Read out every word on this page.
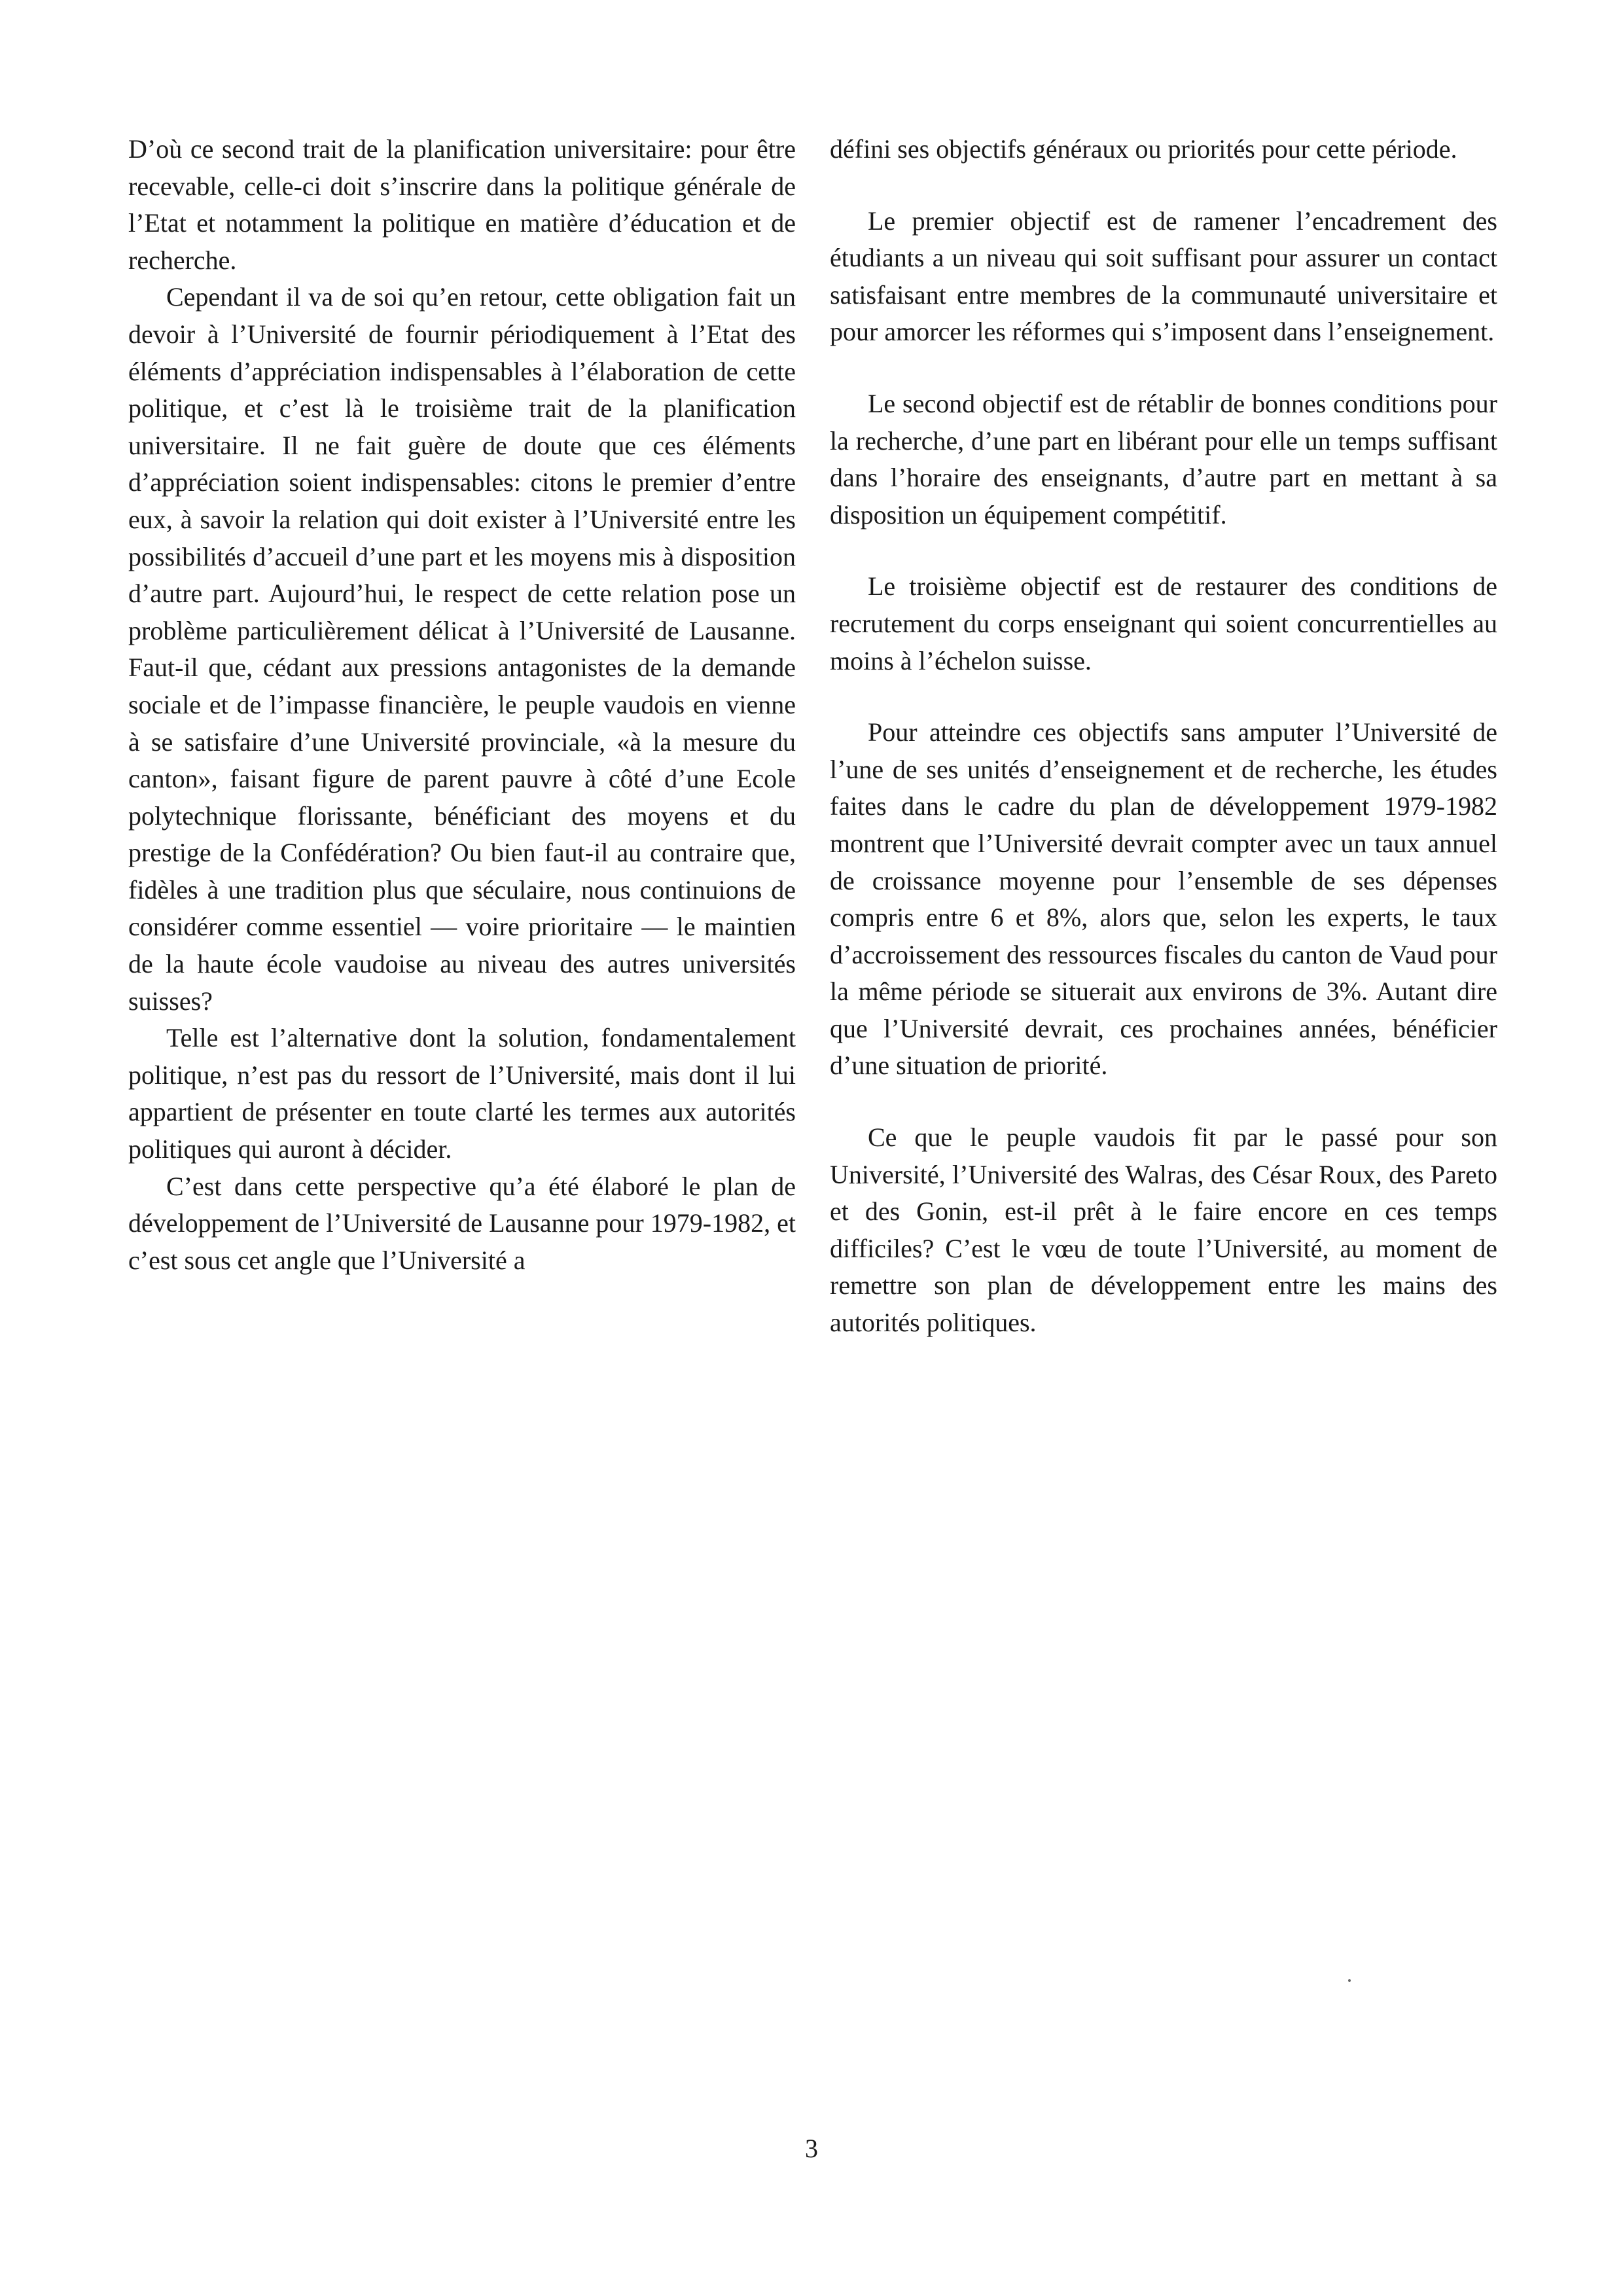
D’où ce second trait de la planification universitaire: pour être recevable, celle-ci doit s’inscrire dans la politique générale de l’Etat et notamment la politique en matière d’éducation et de recherche.

Cependant il va de soi qu’en retour, cette obligation fait un devoir à l’Université de fournir périodiquement à l’Etat des éléments d’appréciation indispensables à l’élaboration de cette politique, et c’est là le troisième trait de la planification universitaire. Il ne fait guère de doute que ces éléments d’appréciation soient indispensables: citons le premier d’entre eux, à savoir la relation qui doit exister à l’Université entre les possibilités d’accueil d’une part et les moyens mis à disposition d’autre part. Aujourd’hui, le respect de cette relation pose un problème particulièrement délicat à l’Université de Lausanne. Faut-il que, cédant aux pressions antagonistes de la demande sociale et de l’impasse financière, le peuple vaudois en vienne à se satisfaire d’une Université provinciale, «à la mesure du canton», faisant figure de parent pauvre à côté d’une Ecole polytechnique florissante, bénéficiant des moyens et du prestige de la Confédération? Ou bien faut-il au contraire que, fidèles à une tradition plus que séculaire, nous continuions de considérer comme essentiel — voire prioritaire — le maintien de la haute école vaudoise au niveau des autres universités suisses?

Telle est l’alternative dont la solution, fondamentalement politique, n’est pas du ressort de l’Université, mais dont il lui appartient de présenter en toute clarté les termes aux autorités politiques qui auront à décider.

C’est dans cette perspective qu’a été élaboré le plan de développement de l’Université de Lausanne pour 1979-1982, et c’est sous cet angle que l’Université a

défini ses objectifs généraux ou priorités pour cette période.

Le premier objectif est de ramener l’encadrement des étudiants a un niveau qui soit suffisant pour assurer un contact satisfaisant entre membres de la communauté universitaire et pour amorcer les réformes qui s’imposent dans l’enseignement.

Le second objectif est de rétablir de bonnes conditions pour la recherche, d’une part en libérant pour elle un temps suffisant dans l’horaire des enseignants, d’autre part en mettant à sa disposition un équipement compétitif.

Le troisième objectif est de restaurer des conditions de recrutement du corps enseignant qui soient concurrentielles au moins à l’échelon suisse.

Pour atteindre ces objectifs sans amputer l’Université de l’une de ses unités d’enseignement et de recherche, les études faites dans le cadre du plan de développement 1979-1982 montrent que l’Université devrait compter avec un taux annuel de croissance moyenne pour l’ensemble de ses dépenses compris entre 6 et 8%, alors que, selon les experts, le taux d’accroissement des ressources fiscales du canton de Vaud pour la même période se situerait aux environs de 3%. Autant dire que l’Université devrait, ces prochaines années, bénéficier d’une situation de priorité.

Ce que le peuple vaudois fit par le passé pour son Université, l’Université des Walras, des César Roux, des Pareto et des Gonin, est-il prêt à le faire encore en ces temps difficiles? C’est le vœu de toute l’Université, au moment de remettre son plan de développement entre les mains des autorités politiques.

3
